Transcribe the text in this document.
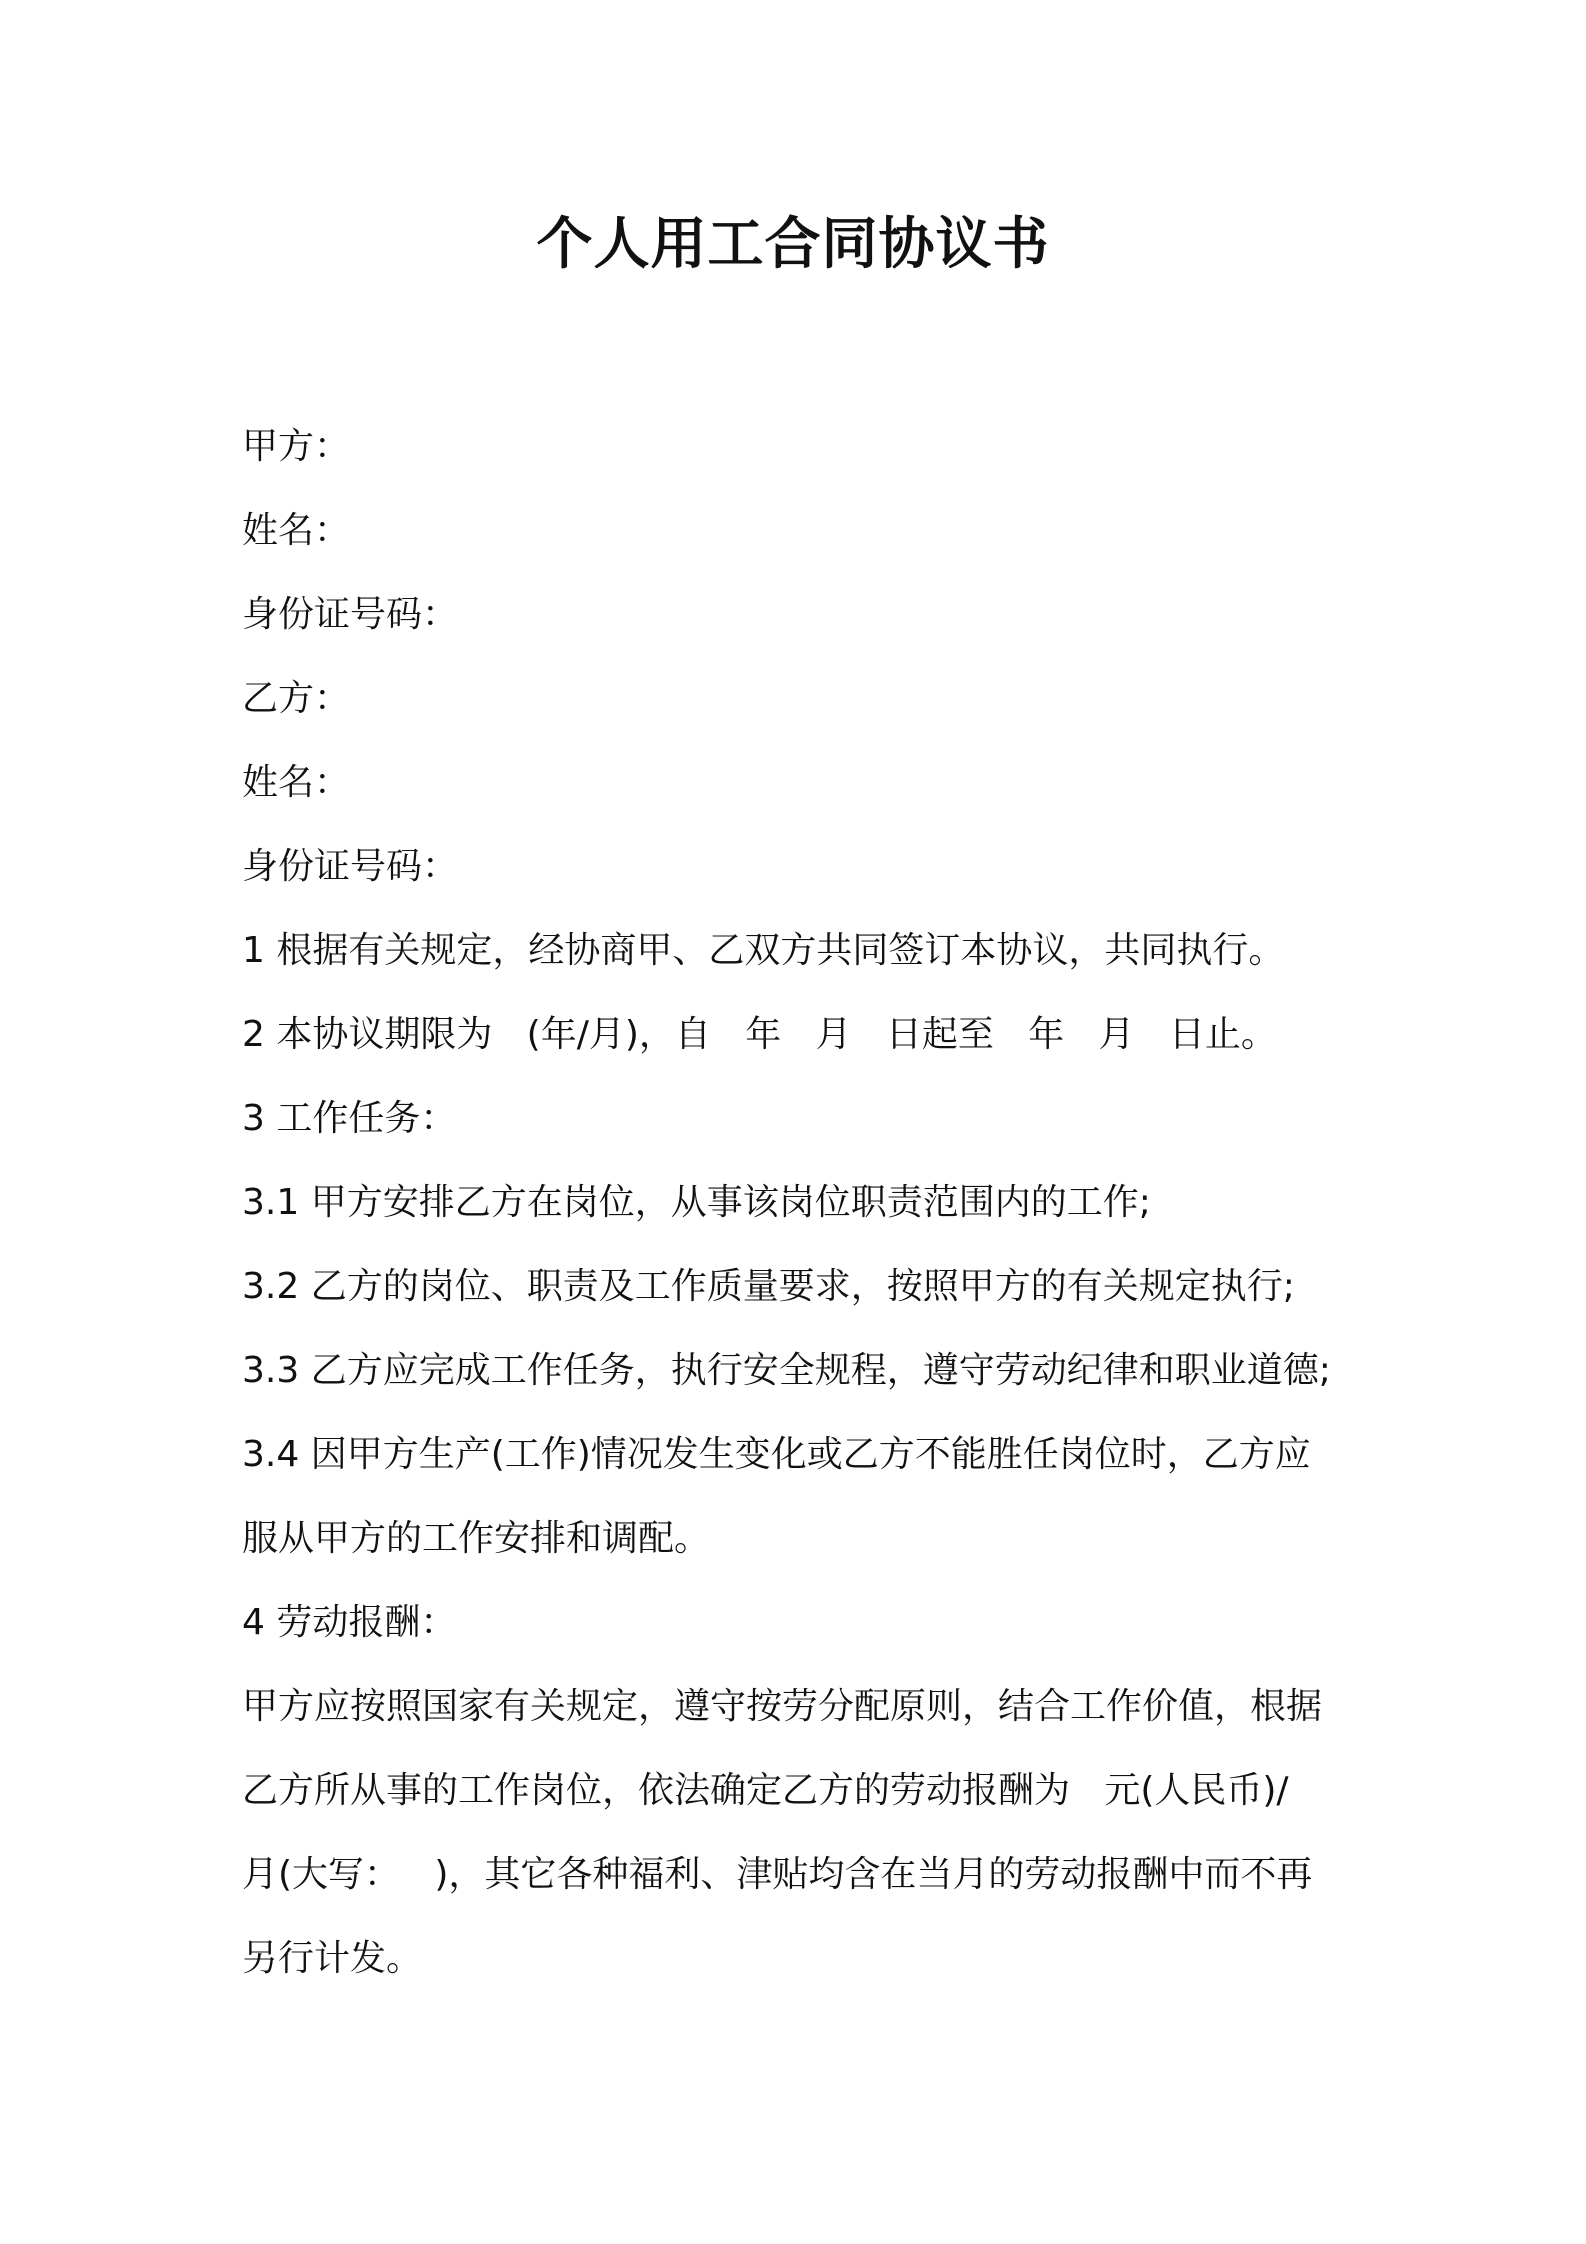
个人用工合同协议书
甲方：
姓名：
身份证号码：
乙方：
姓名：
身份证号码：
1 根据有关规定，经协商甲、乙双方共同签订本协议，共同执行。
2 本协议期限为   (年/月)，自   年   月   日起至   年   月   日止。
3 工作任务：
3.1 甲方安排乙方在岗位，从事该岗位职责范围内的工作;
3.2 乙方的岗位、职责及工作质量要求，按照甲方的有关规定执行;
3.3 乙方应完成工作任务，执行安全规程，遵守劳动纪律和职业道德;
3.4 因甲方生产(工作)情况发生变化或乙方不能胜任岗位时，乙方应
服从甲方的工作安排和调配。
4 劳动报酬：
甲方应按照国家有关规定，遵守按劳分配原则，结合工作价值，根据
乙方所从事的工作岗位，依法确定乙方的劳动报酬为   元(人民币)/
月(大写：   )，其它各种福利、津贴均含在当月的劳动报酬中而不再
另行计发。
